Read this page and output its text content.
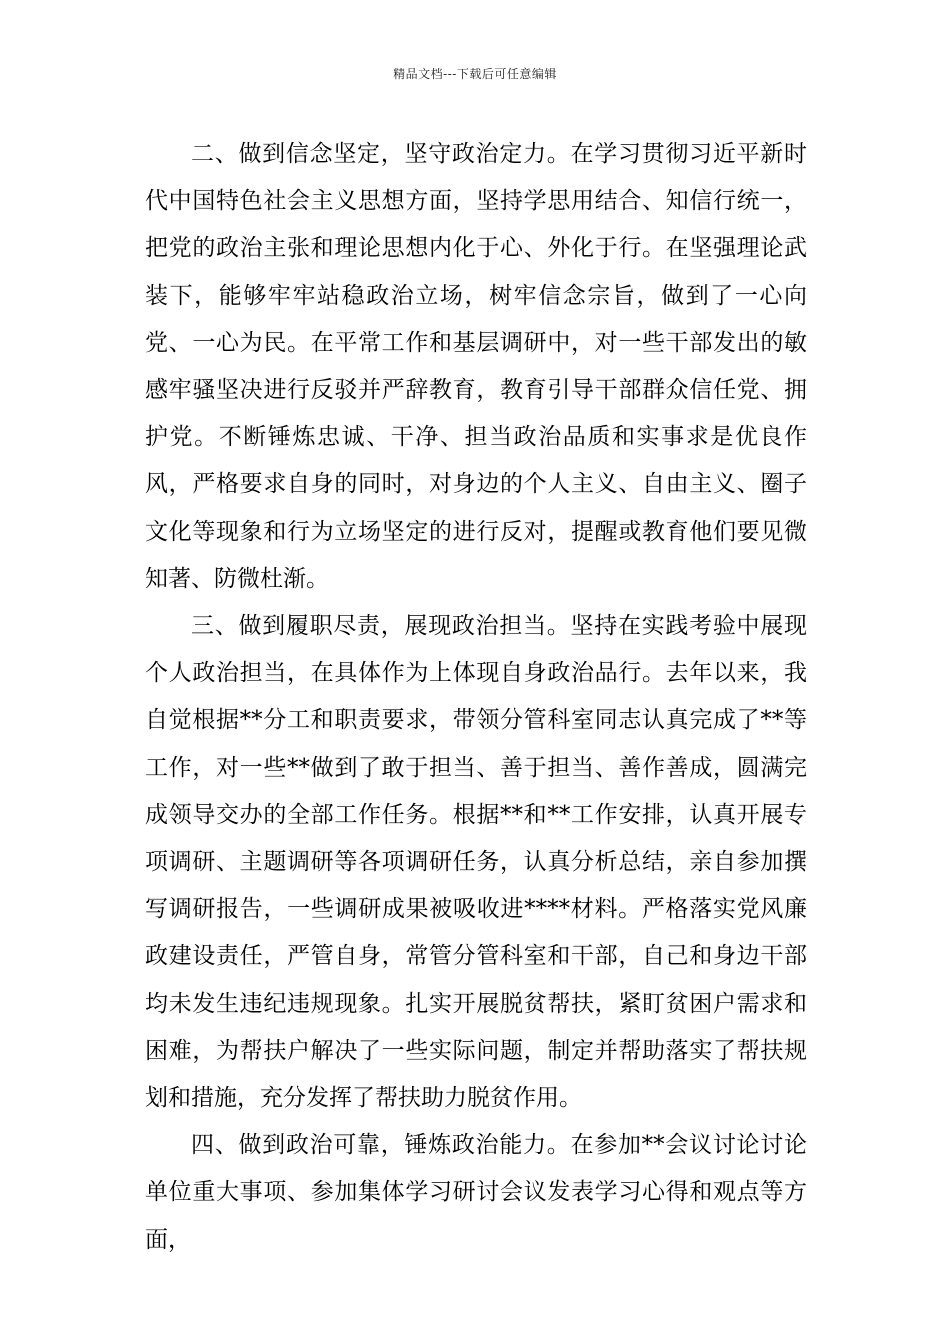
精品文档---下载后可任意编辑

二、做到信念坚定，坚守政治定力。在学习贯彻习近平新时代中国特色社会主义思想方面，坚持学思用结合、知信行统一，把党的政治主张和理论思想内化于心、外化于行。在坚强理论武装下，能够牢牢站稳政治立场，树牢信念宗旨，做到了一心向党、一心为民。在平常工作和基层调研中，对一些干部发出的敏感牢骚坚决进行反驳并严辞教育，教育引导干部群众信任党、拥护党。不断锤炼忠诚、干净、担当政治品质和实事求是优良作风，严格要求自身的同时，对身边的个人主义、自由主义、圈子文化等现象和行为立场坚定的进行反对，提醒或教育他们要见微知著、防微杜渐。

三、做到履职尽责，展现政治担当。坚持在实践考验中展现个人政治担当，在具体作为上体现自身政治品行。去年以来，我自觉根据**分工和职责要求，带领分管科室同志认真完成了**等工作，对一些**做到了敢于担当、善于担当、善作善成，圆满完成领导交办的全部工作任务。根据**和**工作安排，认真开展专项调研、主题调研等各项调研任务，认真分析总结，亲自参加撰写调研报告，一些调研成果被吸收进****材料。严格落实党风廉政建设责任，严管自身，常管分管科室和干部，自己和身边干部均未发生违纪违规现象。扎实开展脱贫帮扶，紧盯贫困户需求和困难，为帮扶户解决了一些实际问题，制定并帮助落实了帮扶规划和措施，充分发挥了帮扶助力脱贫作用。

四、做到政治可靠，锤炼政治能力。在参加**会议讨论讨论单位重大事项、参加集体学习研讨会议发表学习心得和观点等方面，
